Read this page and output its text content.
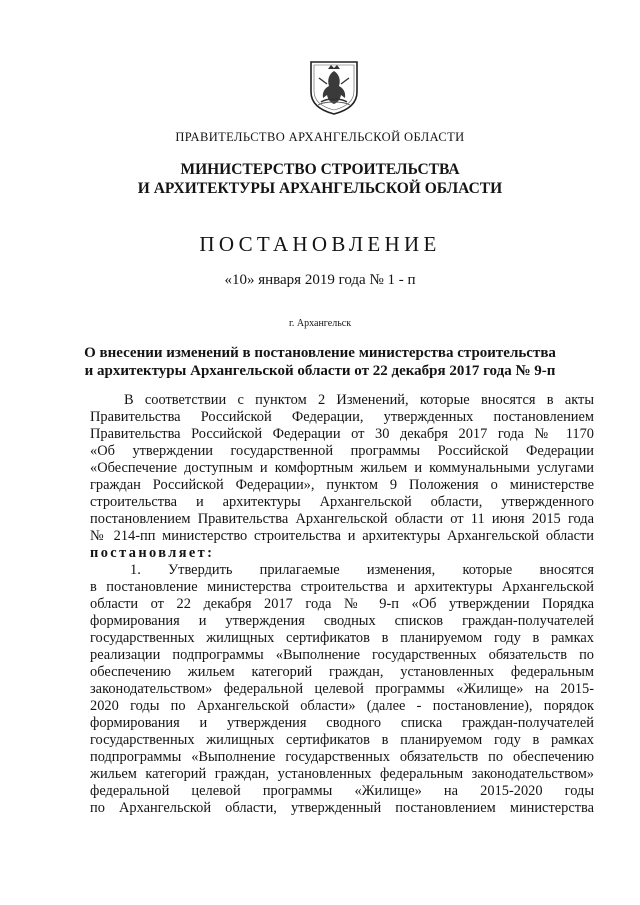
ПРАВИТЕЛЬСТВО АРХАНГЕЛЬСКОЙ ОБЛАСТИ
МИНИСТЕРСТВО СТРОИТЕЛЬСТВА
И АРХИТЕКТУРЫ АРХАНГЕЛЬСКОЙ ОБЛАСТИ
ПОСТАНОВЛЕНИЕ
«10» января 2019 года № 1 - п
г. Архангельск
О внесении изменений в постановление министерства строительства
и архитектуры Архангельской области от 22 декабря 2017 года № 9-п
В соответствии с пунктом 2 Изменений, которые вносятся в акты
Правительства Российской Федерации, утвержденных постановлением
Правительства Российской Федерации от 30 декабря 2017 года № 1170
«Об утверждении государственной программы Российской Федерации
«Обеспечение доступным и комфортным жильем и коммунальными услугами
граждан Российской Федерации», пунктом 9 Положения о министерстве
строительства и архитектуры Архангельской области, утвержденного
постановлением Правительства Архангельской области от 11 июня 2015 года
№ 214-пп министерство строительства и архитектуры Архангельской области
постановляет:
1. Утвердить прилагаемые изменения, которые вносятся
в постановление министерства строительства и архитектуры Архангельской
области от 22 декабря 2017 года № 9-п «Об утверждении Порядка
формирования и утверждения сводных списков граждан-получателей
государственных жилищных сертификатов в планируемом году в рамках
реализации подпрограммы «Выполнение государственных обязательств по
обеспечению жильем категорий граждан, установленных федеральным
законодательством» федеральной целевой программы «Жилище» на 2015-
2020 годы по Архангельской области» (далее - постановление), порядок
формирования и утверждения сводного списка граждан-получателей
государственных жилищных сертификатов в планируемом году в рамках
подпрограммы «Выполнение государственных обязательств по обеспечению
жильем категорий граждан, установленных федеральным законодательством»
федеральной целевой программы «Жилище» на 2015-2020 годы
по Архангельской области, утвержденный постановлением министерства
